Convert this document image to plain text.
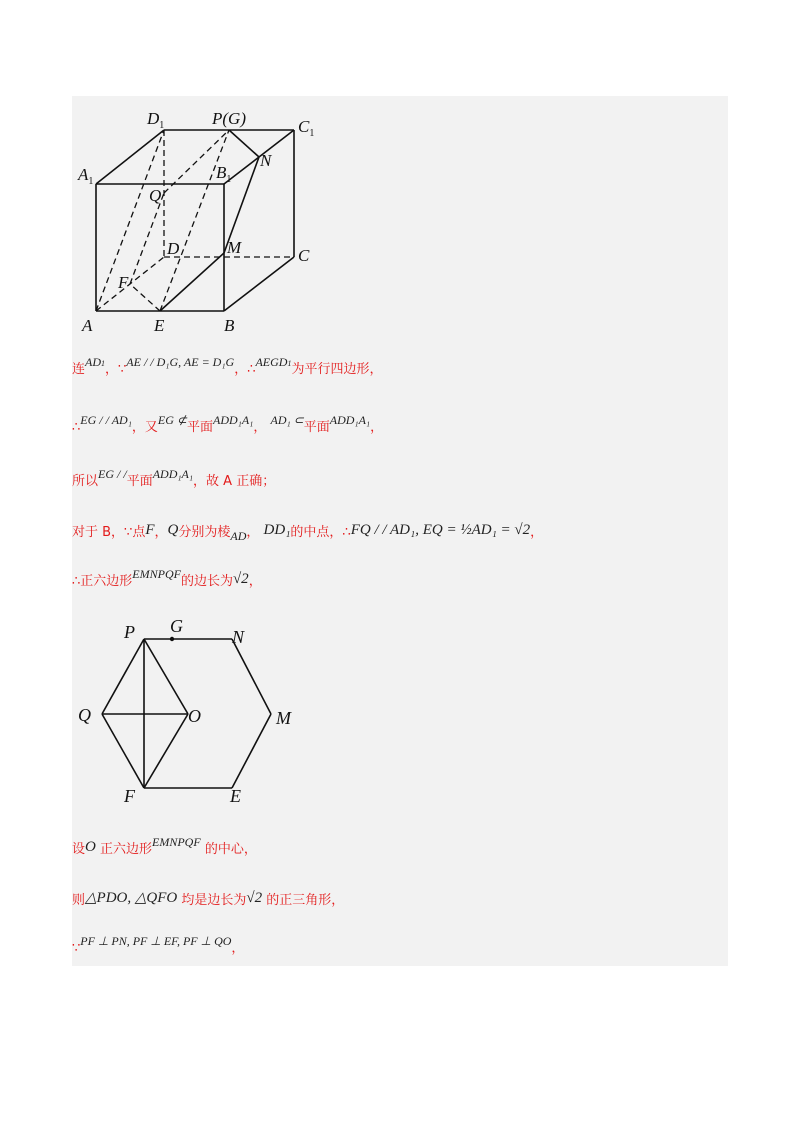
$D_1$	P(G)	$C_1$
$A_1$	$B_1$
N
Q
D	M	C
F
A	E	B
连$AD^1$，∵AE / / D₁G, AE = D₁G，∴AEGD$^1$为平行四边形，
∴EG / / AD₁，又EG ⊄平面ADD₁A₁， AD₁ ⊂平面ADD₁A₁，
所以EG / /平面ADD₁A₁，故 A 正确；
对于 B，∵点F，Q分别为棱AD， DD₁的中点，∴FQ / / AD₁, EQ = ½AD₁ = √2，
∴正六边形EMNPQF的边长为√2，
P G
N
Q	O	M
F	E
设O 正六边形EMNPQF 的中心，
则△PDO, △QFO 均是边长为√2 的正三角形，
∵PF ⊥ PN, PF ⊥ EF, PF ⊥ QO，
